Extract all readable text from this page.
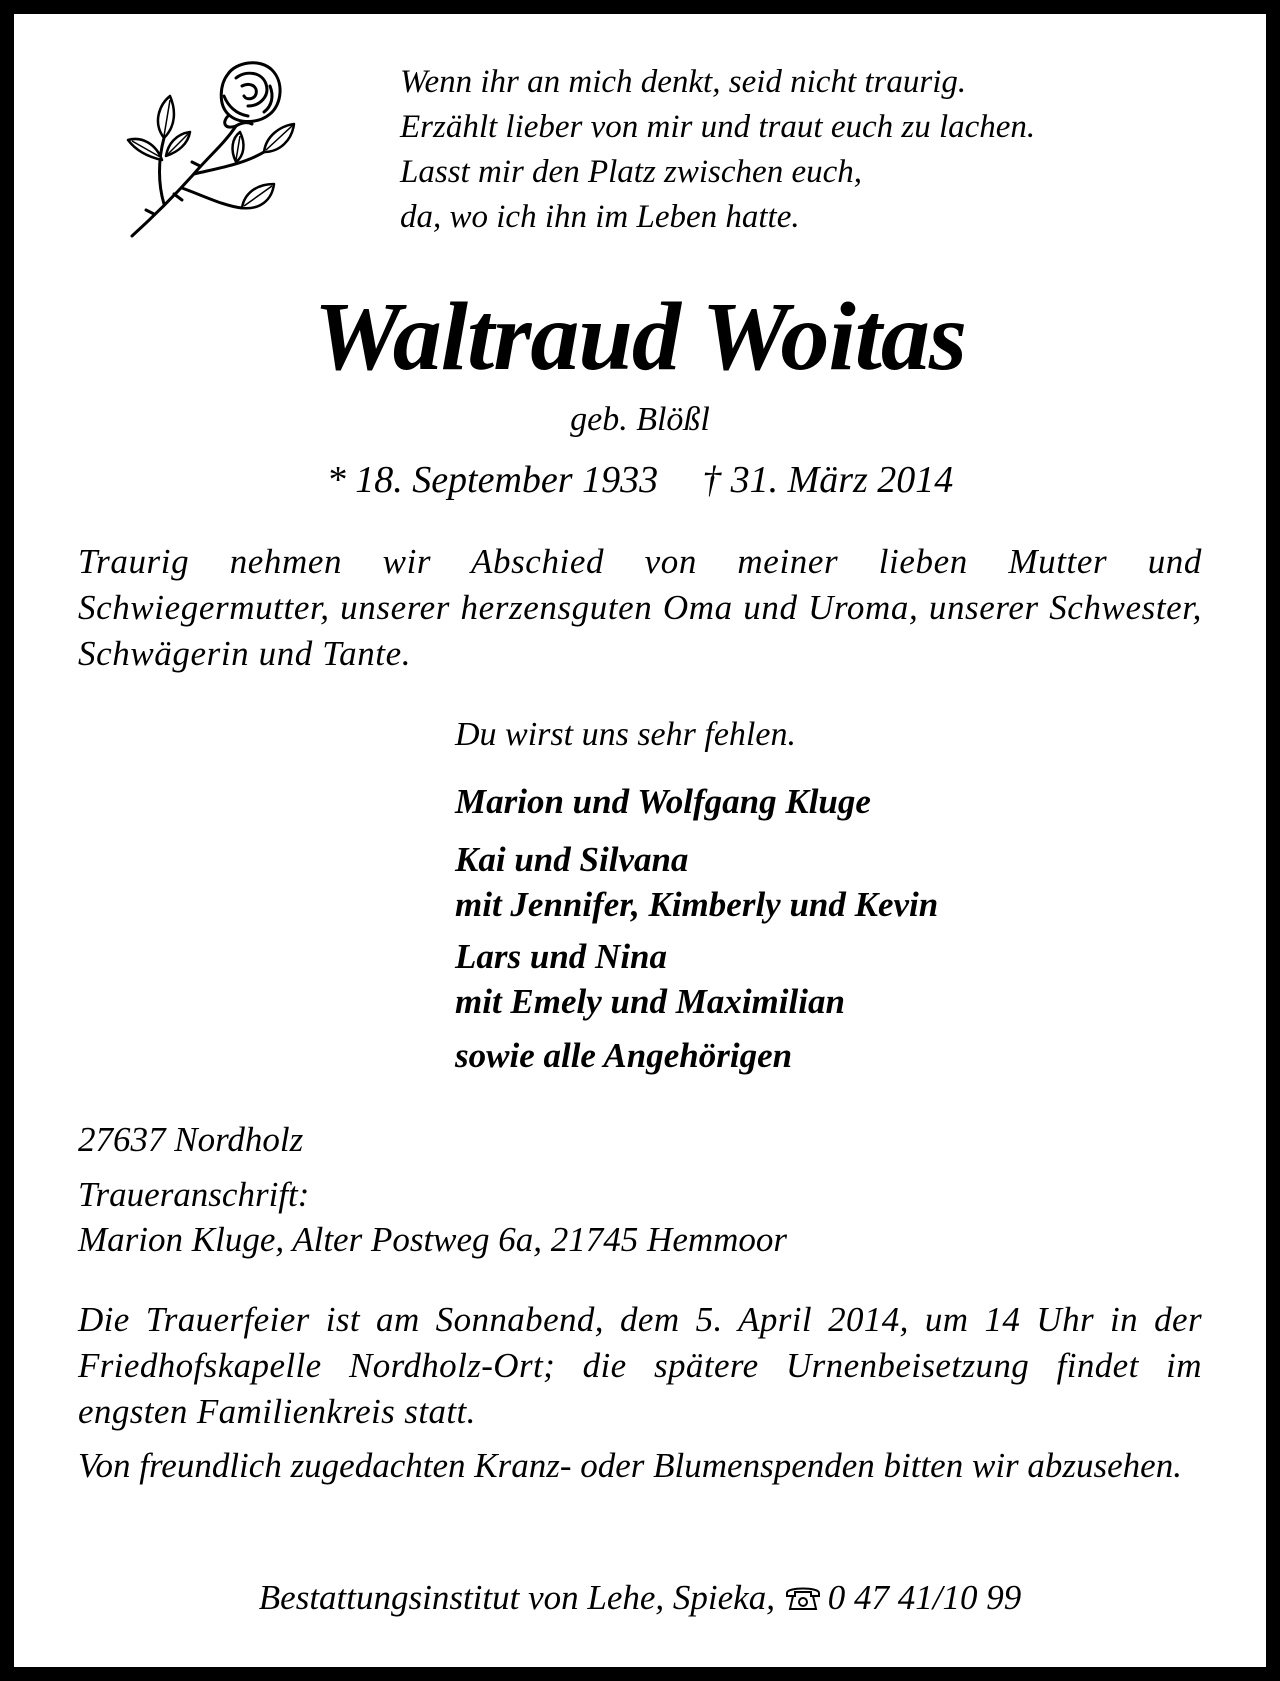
Wenn ihr an mich denkt, seid nicht traurig.
Erzählt lieber von mir und traut euch zu lachen.
Lasst mir den Platz zwischen euch,
da, wo ich ihn im Leben hatte.
Waltraud Woitas
geb. Blößl
* 18. September 1933 † 31. März 2014
Traurig nehmen wir Abschied von meiner lieben Mutter und Schwiegermutter, unserer herzensguten Oma und Uroma, unserer Schwester, Schwägerin und Tante.
Du wirst uns sehr fehlen.
Marion und Wolfgang Kluge
Kai und Silvana
mit Jennifer, Kimberly und Kevin
Lars und Nina
mit Emely und Maximilian
sowie alle Angehörigen
27637 Nordholz
Traueranschrift:
Marion Kluge, Alter Postweg 6a, 21745 Hemmoor
Die Trauerfeier ist am Sonnabend, dem 5. April 2014, um 14 Uhr in der Friedhofskapelle Nordholz-Ort; die spätere Urnenbeisetzung findet im engsten Familienkreis statt.
Von freundlich zugedachten Kranz- oder Blumenspenden bitten wir abzusehen.
Bestattungsinstitut von Lehe, Spieka, 0 47 41/10 99
